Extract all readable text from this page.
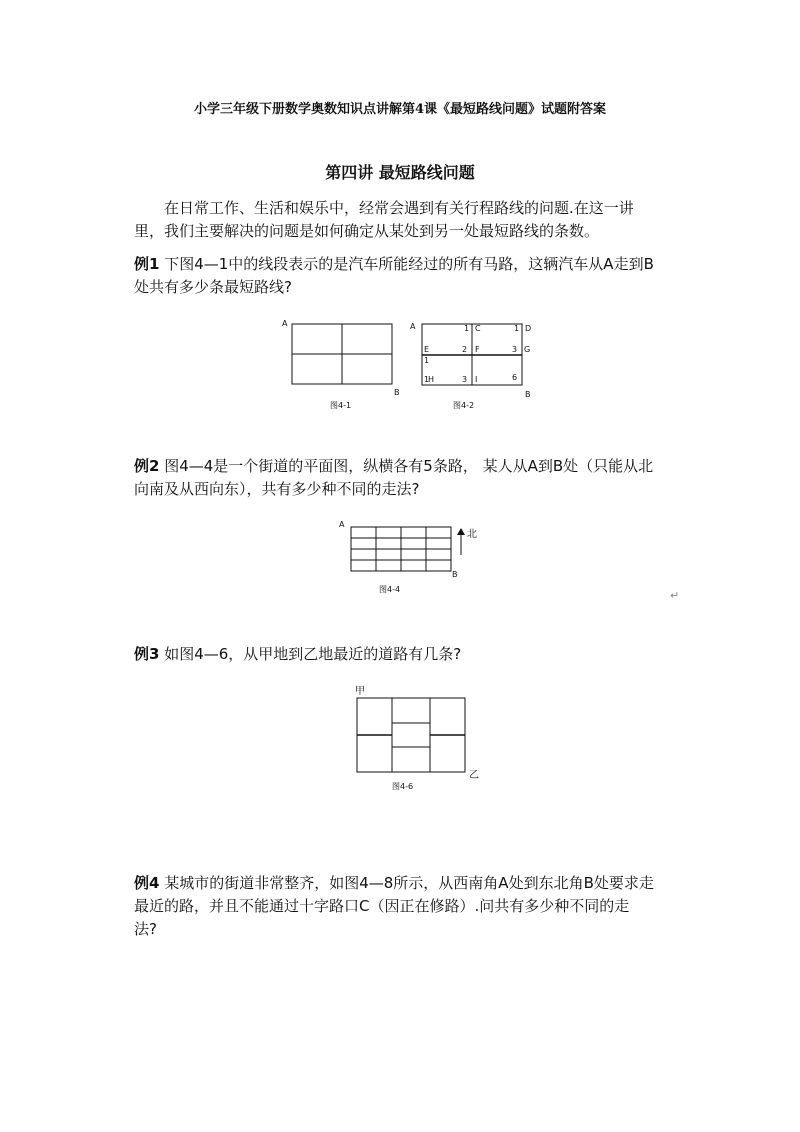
小学三年级下册数学奥数知识点讲解第4课《最短路线问题》试题附答案
第四讲 最短路线问题
在日常工作、生活和娱乐中，经常会遇到有关行程路线的问题.在这一讲
里，我们主要解决的问题是如何确定从某处到另一处最短路线的条数。
例1 下图4—1中的线段表示的是汽车所能经过的所有马路，这辆汽车从A走到B
处共有多少条最短路线?
A
B
图4-1
A	1 C	1 D
E
1
2 F	3 G
1
H	3 I	6
B
图4-2
例2 图4—4是一个街道的平面图，纵横各有5条路， 某人从A到B处（只能从北
向南及从西向东），共有多少种不同的走法?
A
B
北
图4-4	↵
例3 如图4—6，从甲地到乙地最近的道路有几条?
甲
乙
图4-6
例4 某城市的街道非常整齐，如图4—8所示，从西南角A处到东北角B处要求走
最近的路，并且不能通过十字路口C（因正在修路）.问共有多少种不同的走
法?
